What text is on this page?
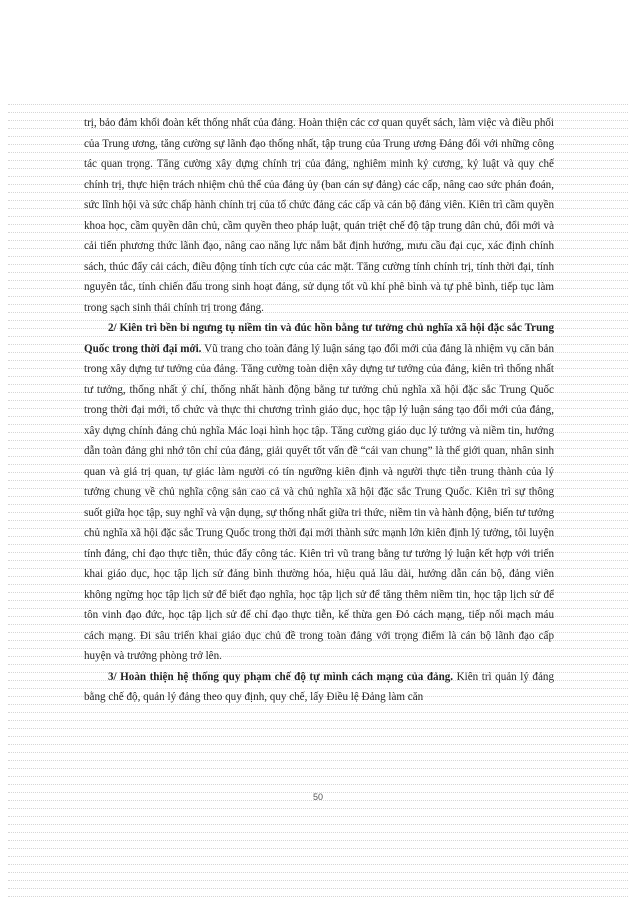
trị, bảo đảm khối đoàn kết thống nhất của đảng. Hoàn thiện các cơ quan quyết sách, làm việc và điều phối của Trung ương, tăng cường sự lãnh đạo thống nhất, tập trung của Trung ương Đảng đối với những công tác quan trọng. Tăng cường xây dựng chính trị của đảng, nghiêm minh kỷ cương, kỷ luật và quy chế chính trị, thực hiện trách nhiệm chủ thể của đảng ủy (ban cán sự đảng) các cấp, nâng cao sức phán đoán, sức lĩnh hội và sức chấp hành chính trị của tổ chức đảng các cấp và cán bộ đảng viên. Kiên trì cầm quyền khoa học, cầm quyền dân chủ, cầm quyền theo pháp luật, quán triệt chế độ tập trung dân chủ, đổi mới và cải tiến phương thức lãnh đạo, nâng cao năng lực nắm bắt định hướng, mưu cầu đại cục, xác định chính sách, thúc đẩy cải cách, điều động tính tích cực của các mặt. Tăng cường tính chính trị, tính thời đại, tính nguyên tắc, tính chiến đấu trong sinh hoạt đảng, sử dụng tốt vũ khí phê bình và tự phê bình, tiếp tục làm trong sạch sinh thái chính trị trong đảng.

2/ Kiên trì bền bỉ ngưng tụ niềm tin và đúc hồn bằng tư tưởng chủ nghĩa xã hội đặc sắc Trung Quốc trong thời đại mới. Vũ trang cho toàn đảng lý luận sáng tạo đổi mới của đảng là nhiệm vụ căn bản trong xây dựng tư tưởng của đảng. Tăng cường toàn diện xây dựng tư tưởng của đảng, kiên trì thống nhất tư tưởng, thống nhất ý chí, thống nhất hành động bằng tư tưởng chủ nghĩa xã hội đặc sắc Trung Quốc trong thời đại mới, tổ chức và thực thi chương trình giáo dục, học tập lý luận sáng tạo đổi mới của đảng, xây dựng chính đảng chủ nghĩa Mác loại hình học tập. Tăng cường giáo dục lý tưởng và niềm tin, hướng dẫn toàn đảng ghi nhớ tôn chỉ của đảng, giải quyết tốt vấn đề “cái van chung” là thế giới quan, nhân sinh quan và giá trị quan, tự giác làm người có tín ngưỡng kiên định và người thực tiễn trung thành của lý tưởng chung về chủ nghĩa cộng sản cao cả và chủ nghĩa xã hội đặc sắc Trung Quốc. Kiên trì sự thông suốt giữa học tập, suy nghĩ và vận dụng, sự thống nhất giữa tri thức, niềm tin và hành động, biến tư tưởng chủ nghĩa xã hội đặc sắc Trung Quốc trong thời đại mới thành sức mạnh lớn kiên định lý tưởng, tôi luyện tính đảng, chỉ đạo thực tiễn, thúc đẩy công tác. Kiên trì vũ trang bằng tư tưởng lý luận kết hợp với triển khai giáo dục, học tập lịch sử đảng bình thường hóa, hiệu quả lâu dài, hướng dẫn cán bộ, đảng viên không ngừng học tập lịch sử để biết đạo nghĩa, học tập lịch sử để tăng thêm niềm tin, học tập lịch sử để tôn vinh đạo đức, học tập lịch sử để chỉ đạo thực tiễn, kế thừa gen Đỏ cách mạng, tiếp nối mạch máu cách mạng. Đi sâu triển khai giáo dục chủ đề trong toàn đảng với trọng điểm là cán bộ lãnh đạo cấp huyện và trưởng phòng trở lên.

3/ Hoàn thiện hệ thống quy phạm chế độ tự mình cách mạng của đảng. Kiên trì quản lý đảng bằng chế độ, quản lý đảng theo quy định, quy chế, lấy Điều lệ Đảng làm căn

50
